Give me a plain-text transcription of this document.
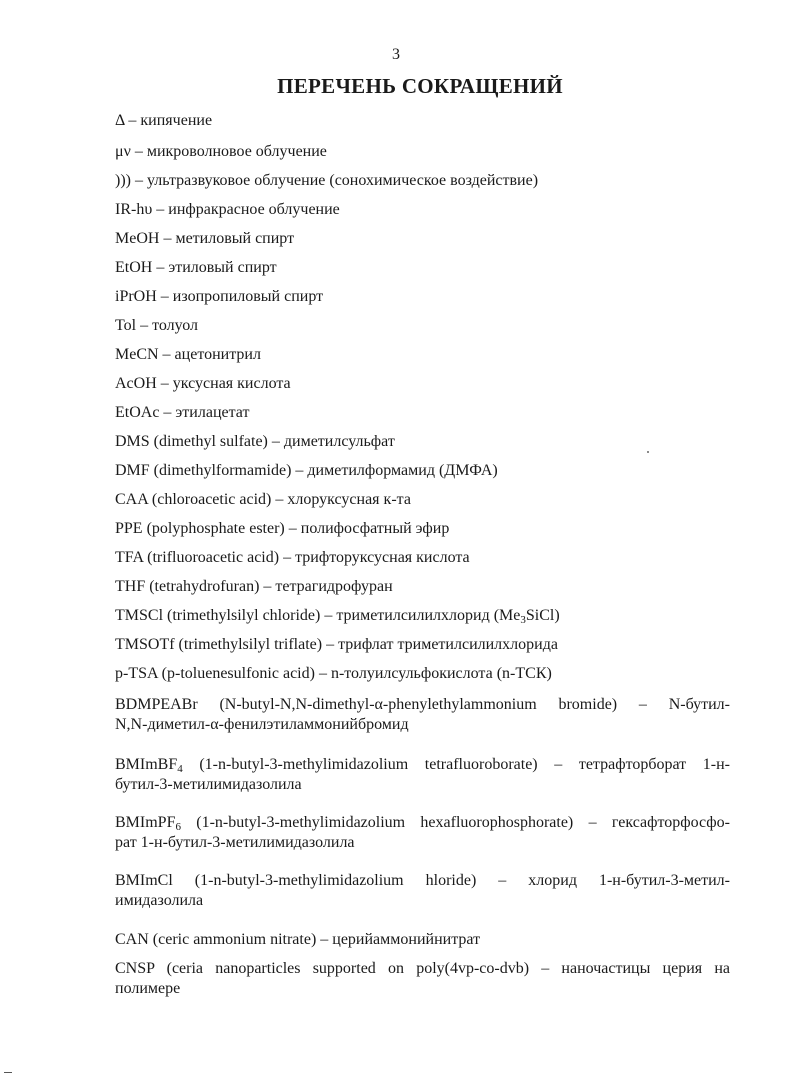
3
ПЕРЕЧЕНЬ СОКРАЩЕНИЙ
Δ – кипячение
μν – микроволновое облучение
))) – ультразвуковое облучение (сонохимическое воздействие)
IR-hυ – инфракрасное облучение
MeOH – метиловый спирт
EtOH – этиловый спирт
iPrOH – изопропиловый спирт
Tol – толуол
MeCN – ацетонитрил
AcOH – уксусная кислота
EtOAc – этилацетат
DMS (dimethyl sulfate) – диметилсульфат
DMF (dimethylformamide) – диметилформамид (ДМФА)
CAA (chloroacetic acid) – хлоруксусная к-та
PPE (polyphosphate ester) – полифосфатный эфир
TFA (trifluoroacetic acid) – трифторуксусная кислота
THF (tetrahydrofuran) – тетрагидрофуран
TMSCl (trimethylsilyl chloride) – триметилсилилхлорид $(Me_3SiCl)$
TMSOTf (trimethylsilyl triflate) – трифлат триметилсилилхлорида
p-TSA (p-toluenesulfonic acid) – n-толуилсульфокислота (n-ТСК)
BDMPEABr (N-butyl-N,N-dimethyl-α-phenylethylammonium bromide) – N-бутил-
N,N-диметил-α-фенилэтиламмонийбромид
BMImBF$_4$ (1-n-butyl-3-methylimidazolium tetrafluoroborate) – тетрафторборат 1-н-
бутил-3-метилимидазолила
BMImPF$_6$ (1-n-butyl-3-methylimidazolium hexafluorophosphorate) – гексафторфосфо-
рат 1-н-бутил-3-метилимидазолила
BMImCl (1-n-butyl-3-methylimidazolium hloride) – хлорид 1-н-бутил-3-метил-
имидазолила
CAN (ceric ammonium nitrate) – церийаммонийнитрат
CNSP (ceria nanoparticles supported on poly(4vp-co-dvb) – наночастицы церия на
полимере
